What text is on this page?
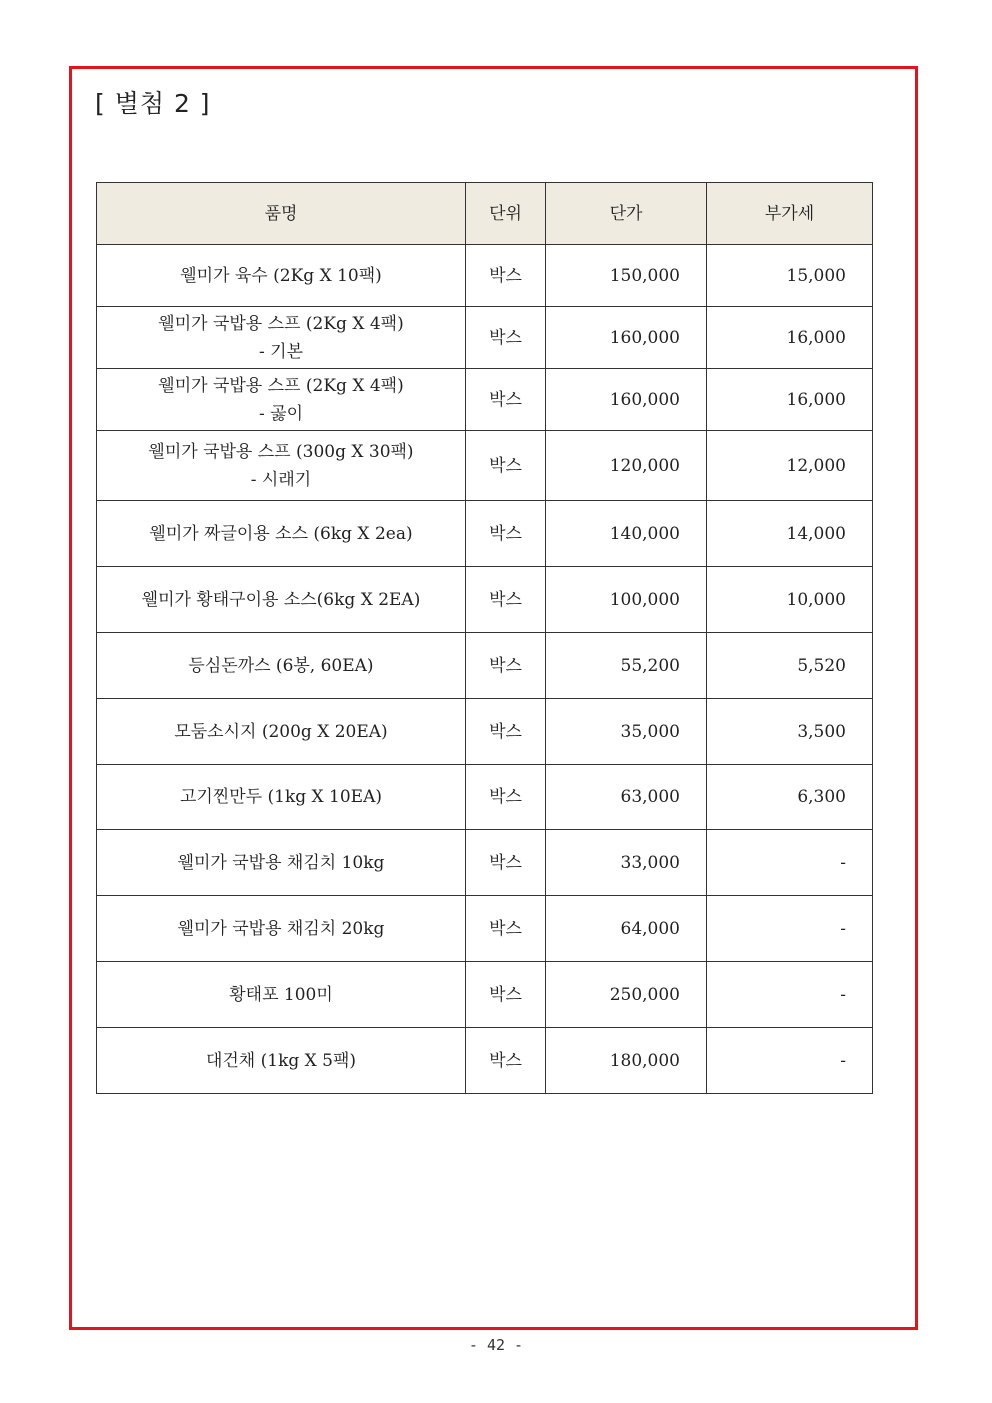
[ 별첨 2 ]
품명	단위	단가	부가세
웰미가 육수 (2Kg X 10팩)	박스	150,000	15,000
웰미가 국밥용 스프 (2Kg X 4팩)
- 기본	박스	160,000	16,000
웰미가 국밥용 스프 (2Kg X 4팩)
- 곯이	박스	160,000	16,000
웰미가 국밥용 스프 (300g X 30팩)
- 시래기	박스	120,000	12,000
웰미가 짜글이용 소스 (6kg X 2ea)	박스	140,000	14,000
웰미가 황태구이용 소스(6kg X 2EA)	박스	100,000	10,000
등심돈까스 (6봉, 60EA)	박스	55,200	5,520
모둠소시지 (200g X 20EA)	박스	35,000	3,500
고기찐만두 (1kg X 10EA)	박스	63,000	6,300
웰미가 국밥용 채김치 10kg	박스	33,000	-
웰미가 국밥용 채김치 20kg	박스	64,000	-
황태포 100미	박스	250,000	-
대건채 (1kg X 5팩)	박스	180,000	-
- 42 -
